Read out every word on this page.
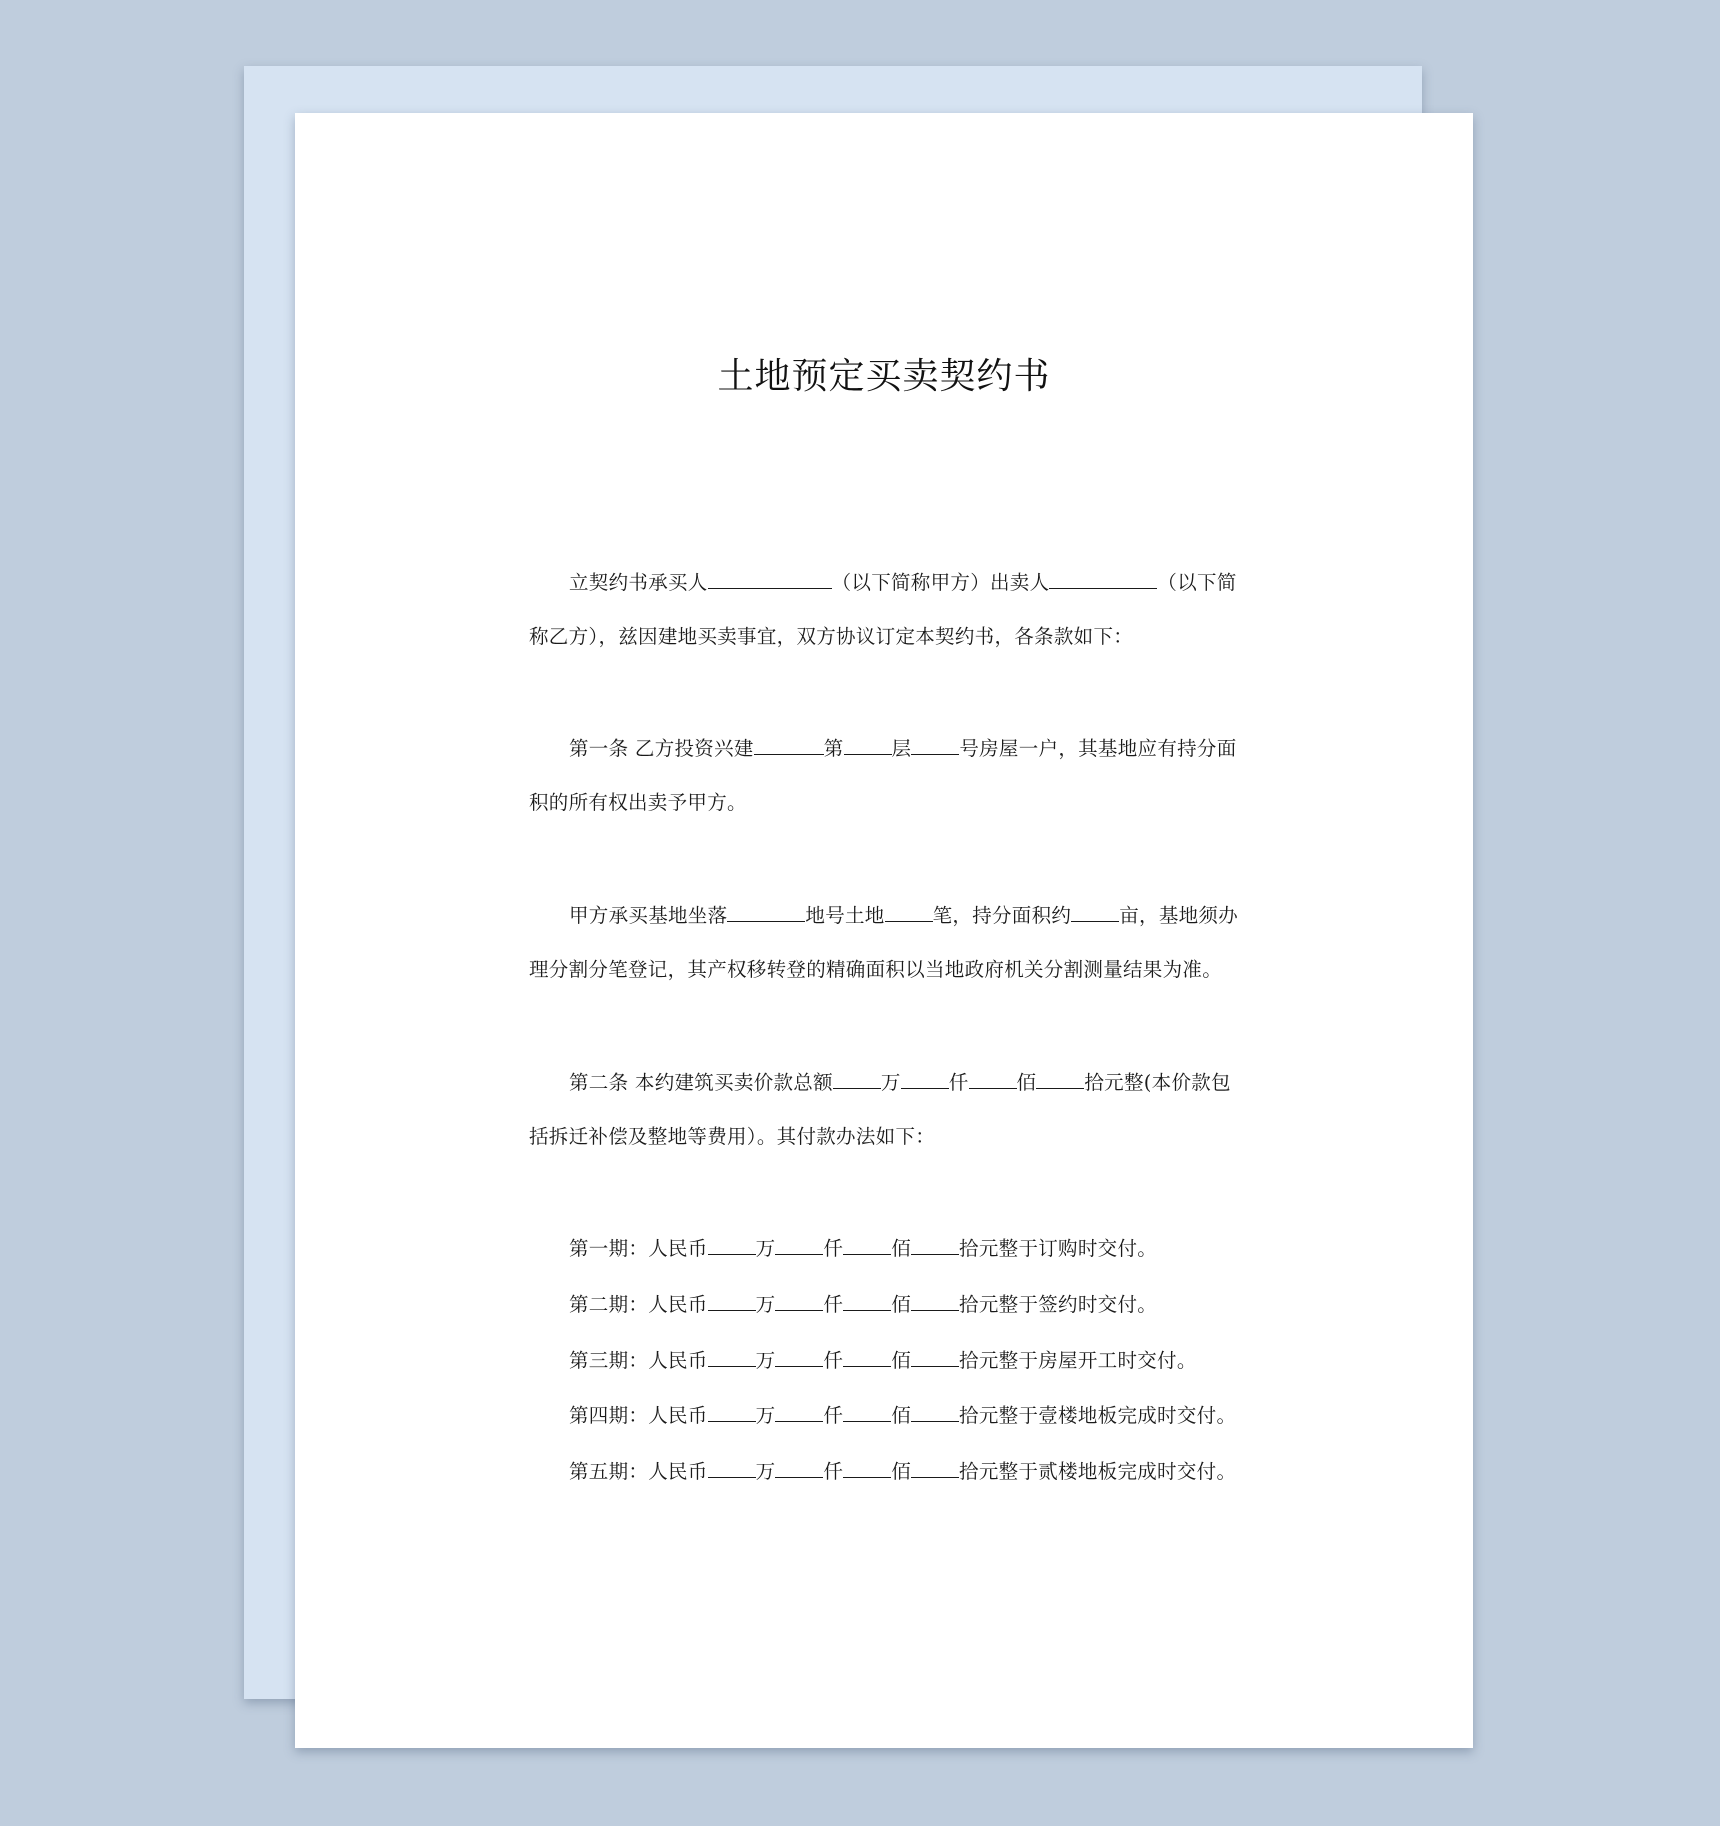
土地预定买卖契约书
立契约书承买人	（以下简称甲方）出卖人	（以下简
称乙方），兹因建地买卖事宜，双方协议订定本契约书，各条款如下：
第一条 乙方投资兴建	第 层 号房屋一户，其基地应有持分面
积的所有权出卖予甲方。
甲方承买基地坐落	地号土地 笔，持分面积约 亩，基地须办
理分割分笔登记，其产权移转登的精确面积以当地政府机关分割测量结果为准。
第二条 本约建筑买卖价款总额 万 仟 佰 拾元整(本价款包
括拆迁补偿及整地等费用）。其付款办法如下：
第一期：人民币 万 仟 佰 拾元整于订购时交付。
第二期：人民币 万 仟 佰 拾元整于签约时交付。
第三期：人民币 万 仟 佰 拾元整于房屋开工时交付。
第四期：人民币 万 仟 佰 拾元整于壹楼地板完成时交付。
第五期：人民币 万 仟 佰 拾元整于贰楼地板完成时交付。
